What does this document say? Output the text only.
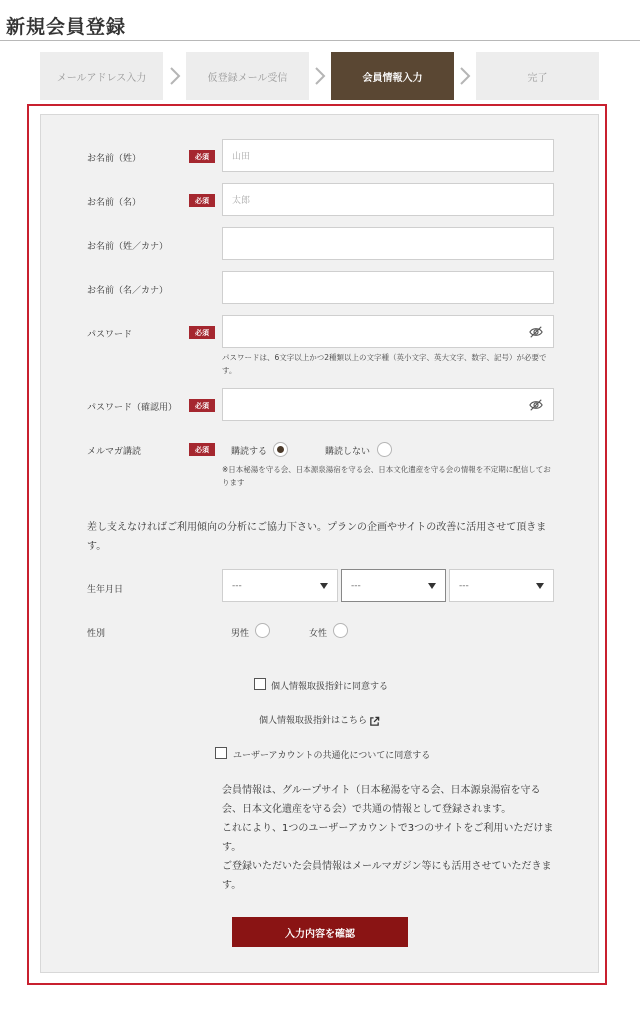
新規会員登録
メールアドレス入力	仮登録メール受信	会員情報入力	完了
お名前（姓）	必須	山田
お名前（名）	必須	太郎
お名前（姓／カナ）
お名前（名／カナ）
パスワード	必須
パスワードは、6文字以上かつ2種類以上の文字種（英小文字、英大文字、数字、記号）が必要です。
パスワード（確認用）	必須
メルマガ講読	必須	購読する	購読しない
※日本秘湯を守る会、日本源泉湯宿を守る会、日本文化遺産を守る会の情報を不定期に配信しております
差し支えなければご利用傾向の分析にご協力下さい。プランの企画やサイトの改善に活用させて頂きます。
生年月日	---	---	---
性別	男性	女性
個人情報取扱指針に同意する
個人情報取扱指針はこちら
ユーザーアカウントの共通化についてに同意する

会員情報は、グループサイト（日本秘湯を守る会、日本源泉湯宿を守る会、日本文化遺産を守る会）で共通の情報として登録されます。

これにより、1つのユーザーアカウントで3つのサイトをご利用いただけます。

ご登録いただいた会員情報はメールマガジン等にも活用させていただきます。

入力内容を確認
